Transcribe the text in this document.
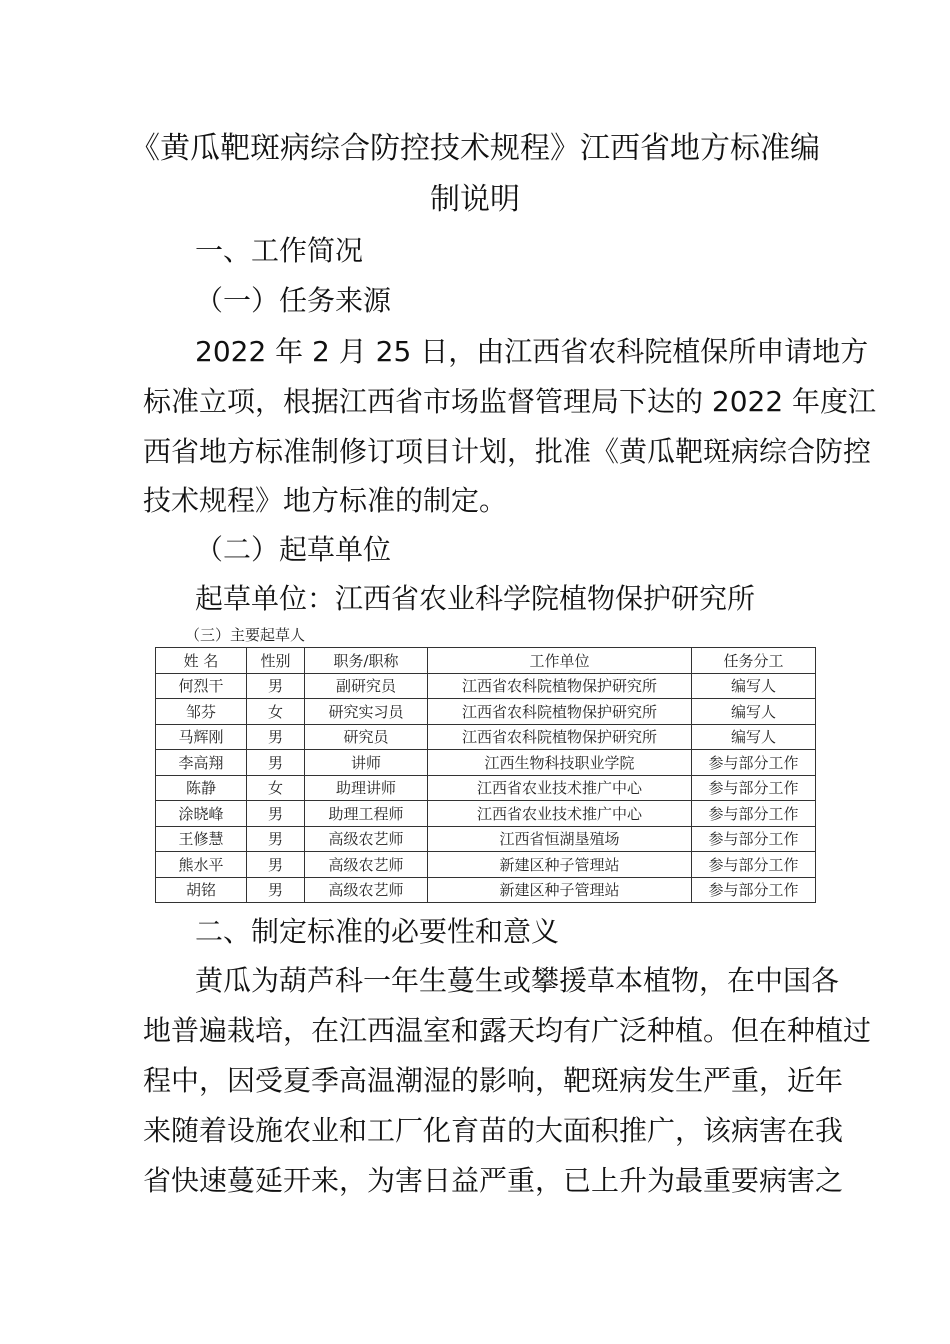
《黄瓜靶斑病综合防控技术规程》江西省地方标准编
制说明
一、工作简况
（一）任务来源
2022 年 2 月 25 日，由江西省农科院植保所申请地方
标准立项，根据江西省市场监督管理局下达的 2022 年度江
西省地方标准制修订项目计划，批准《黄瓜靶斑病综合防控
技术规程》地方标准的制定。
（二）起草单位
起草单位：江西省农业科学院植物保护研究所
（三）主要起草人
姓 名	性别	职务/职称	工作单位	任务分工
何烈干	男	副研究员	江西省农科院植物保护研究所	编写人
邹芬	女	研究实习员	江西省农科院植物保护研究所	编写人
马辉刚	男	研究员	江西省农科院植物保护研究所	编写人
李高翔	男	讲师	江西生物科技职业学院	参与部分工作
陈静	女	助理讲师	江西省农业技术推广中心	参与部分工作
涂晓峰	男	助理工程师	江西省农业技术推广中心	参与部分工作
王修慧	男	高级农艺师	江西省恒湖垦殖场	参与部分工作
熊水平	男	高级农艺师	新建区种子管理站	参与部分工作
胡铭	男	高级农艺师	新建区种子管理站	参与部分工作
二、制定标准的必要性和意义
黄瓜为葫芦科一年生蔓生或攀援草本植物，在中国各
地普遍栽培，在江西温室和露天均有广泛种植。但在种植过
程中，因受夏季高温潮湿的影响，靶斑病发生严重，近年
来随着设施农业和工厂化育苗的大面积推广，该病害在我
省快速蔓延开来，为害日益严重，已上升为最重要病害之
